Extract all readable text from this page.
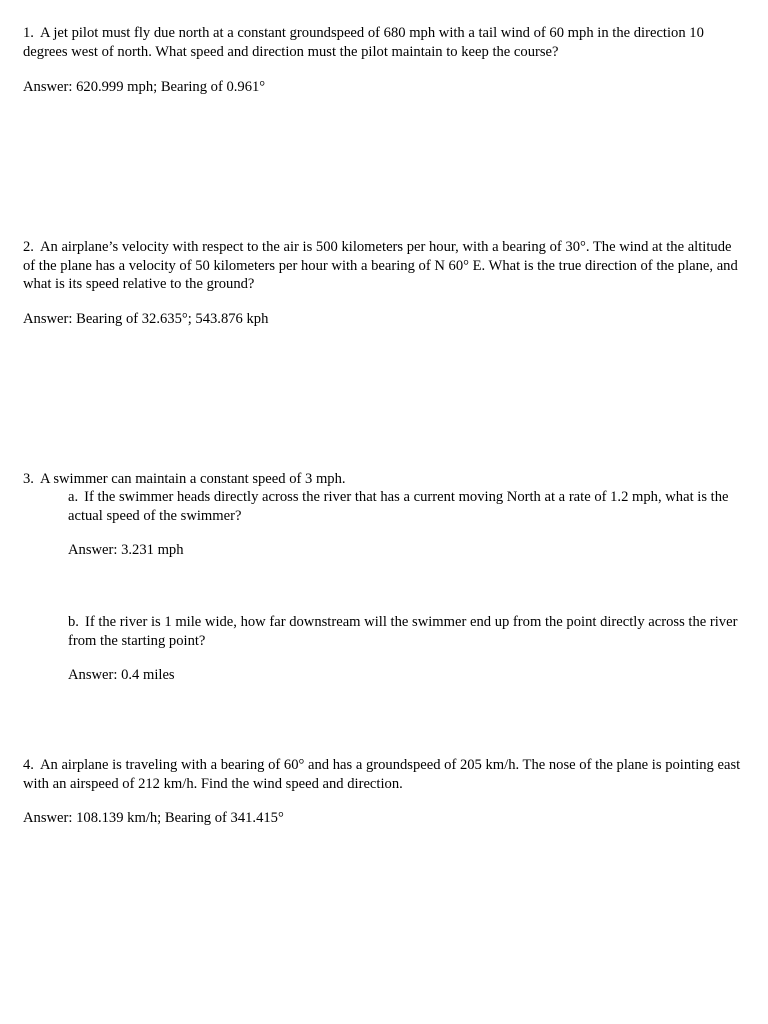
1. A jet pilot must fly due north at a constant groundspeed of 680 mph with a tail wind of 60 mph in the direction 10 degrees west of north. What speed and direction must the pilot maintain to keep the course?

Answer: 620.999 mph; Bearing of 0.961°

2. An airplane’s velocity with respect to the air is 500 kilometers per hour, with a bearing of 30°. The wind at the altitude of the plane has a velocity of 50 kilometers per hour with a bearing of N 60° E. What is the true direction of the plane, and what is its speed relative to the ground?

Answer: Bearing of 32.635°; 543.876 kph

3. A swimmer can maintain a constant speed of 3 mph.

a. If the swimmer heads directly across the river that has a current moving North at a rate of 1.2 mph, what is the actual speed of the swimmer?

Answer: 3.231 mph

b. If the river is 1 mile wide, how far downstream will the swimmer end up from the point directly across the river from the starting point?

Answer: 0.4 miles

4. An airplane is traveling with a bearing of 60° and has a groundspeed of 205 km/h. The nose of the plane is pointing east with an airspeed of 212 km/h. Find the wind speed and direction.

Answer: 108.139 km/h; Bearing of 341.415°
